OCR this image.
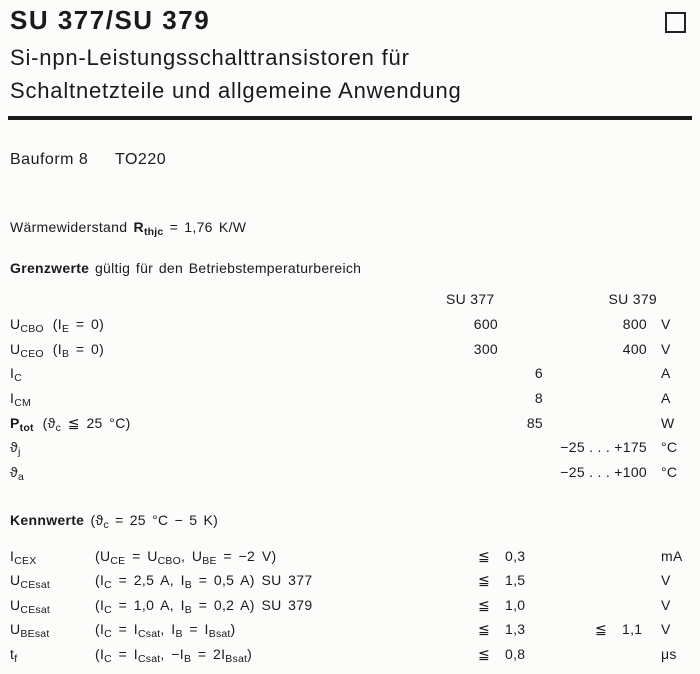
SU 377/SU 379
Si-npn-Leistungsschalttransistoren für
Schaltnetzteile und allgemeine Anwendung
Bauform 8 TO220
Wärmewiderstand $R_{thjc} = 1,76$ K/W
Grenzwerte gültig für den Betriebstemperaturbereich
SU 377	SU 379
$U_{CBO}$ $(I_E = 0)$	600	800	V
$U_{CEO}$ $(I_B = 0)$	300	400	V
$I_C$	6	A
$I_{CM}$	8	A
$P_{tot}$ ($ϑ_c$ ≦ 25 °C)	85	W
$ϑ_j$	−25 . . . +175	°C
$ϑ_a$	−25 . . . +100	°C
Kennwerte ($ϑ_c = 25$ °C − 5 K)
$I_{CEX}$	($U_{CE} = U_{CBO}$, $U_{BE} = -2$ V)	≦	0,3	mA
$U_{CEsat}$	($I_C = 2,5$ A, $I_B = 0,5$ A) SU 377	≦	1,5	V
$U_{CEsat}$	($I_C = 1,0$ A, $I_B = 0,2$ A) SU 379	≦	1,0	V
$U_{BEsat}$	($I_C = I_{Csat}$, $I_B = I_{Bsat}$)	≦	1,3	≦	1,1	V
$t_f$	($I_C = I_{Csat}$, $-I_B = 2I_{Bsat}$)	≦	0,8	μs
